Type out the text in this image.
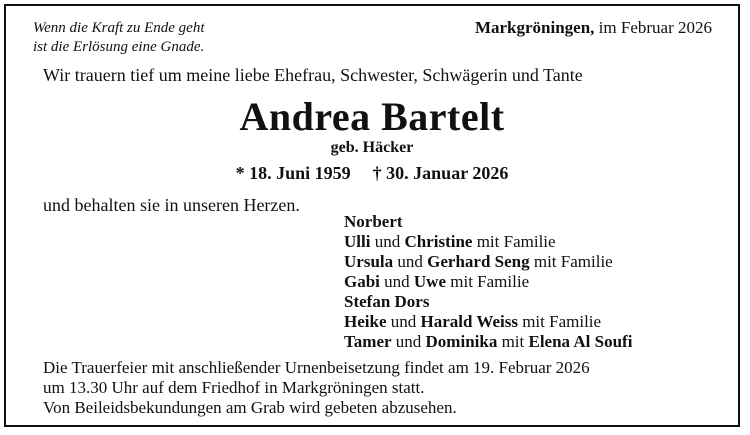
Wenn die Kraft zu Ende geht
ist die Erlösung eine Gnade.
Markgröningen, im Februar 2026
Wir trauern tief um meine liebe Ehefrau, Schwester, Schwägerin und Tante
Andrea Bartelt
geb. Häcker
* 18. Juni 1959 † 30. Januar 2026
und behalten sie in unseren Herzen.
Norbert
Ulli und Christine mit Familie
Ursula und Gerhard Seng mit Familie
Gabi und Uwe mit Familie
Stefan Dors
Heike und Harald Weiss mit Familie
Tamer und Dominika mit Elena Al Soufi
Die Trauerfeier mit anschließender Urnenbeisetzung findet am 19. Februar 2026
um 13.30 Uhr auf dem Friedhof in Markgröningen statt.
Von Beileidsbekundungen am Grab wird gebeten abzusehen.
